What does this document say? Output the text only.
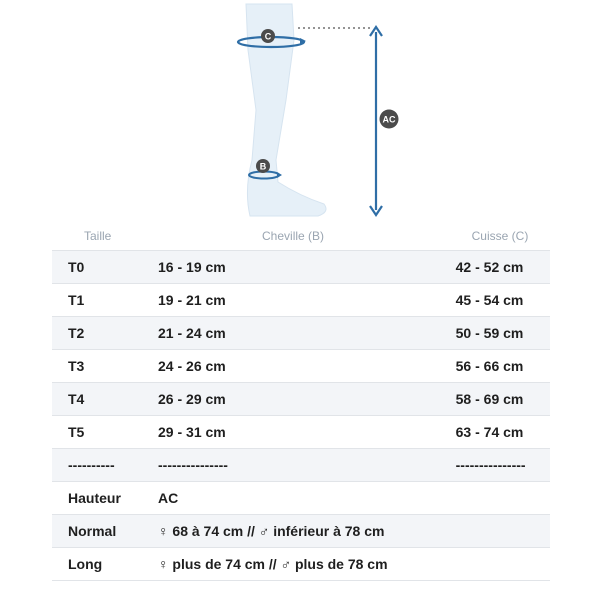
C
B
AC
Taille	Cheville (B)	Cuisse (C)
T0	16 - 19 cm	42 - 52 cm
T1	19 - 21 cm	45 - 54 cm
T2	21 - 24 cm	50 - 59 cm
T3	24 - 26 cm	56 - 66 cm
T4	26 - 29 cm	58 - 69 cm
T5	29 - 31 cm	63 - 74 cm
----------	---------------	---------------
Hauteur	AC	
Normal	♀ 68 à 74 cm // ♂ inférieur à 78 cm	
Long	♀ plus de 74 cm // ♂ plus de 78 cm	
